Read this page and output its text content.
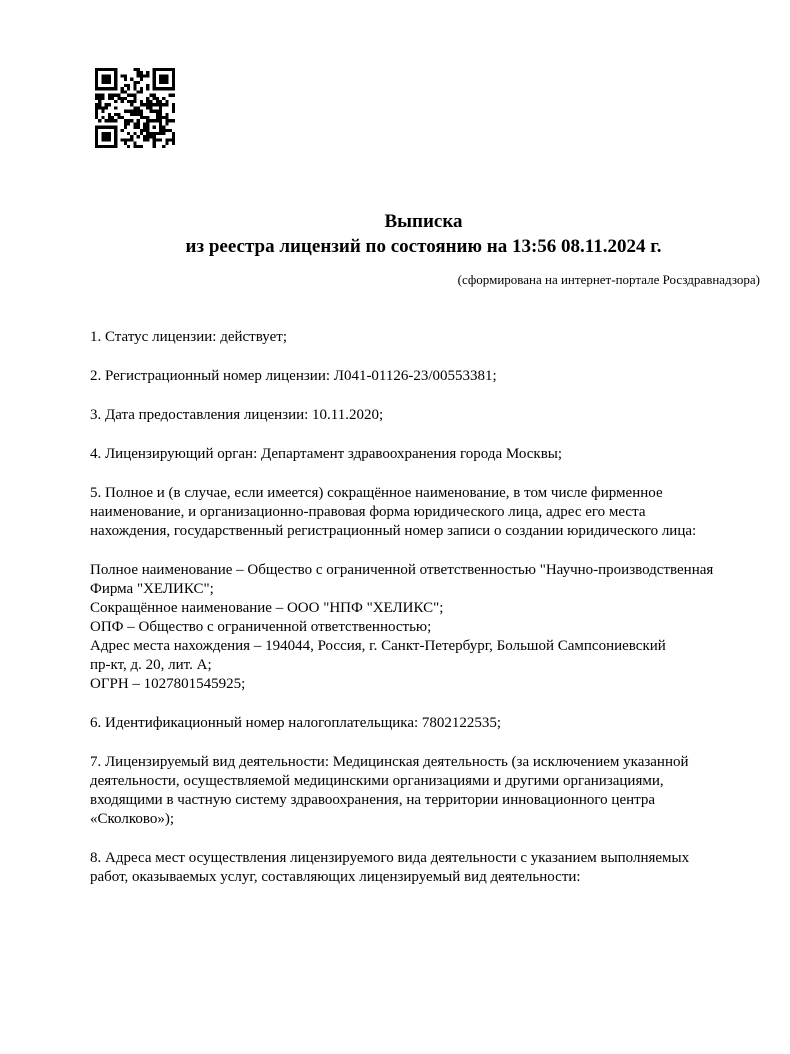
Выписка
из реестра лицензий по состоянию на 13:56 08.11.2024 г.
(сформирована на интернет-портале Росздравнадзора)
1. Статус лицензии: действует;
2. Регистрационный номер лицензии: Л041-01126-23/00553381;
3. Дата предоставления лицензии: 10.11.2020;
4. Лицензирующий орган: Департамент здравоохранения города Москвы;
5. Полное и (в случае, если имеется) сокращённое наименование, в том числе фирменное
наименование, и организационно-правовая форма юридического лица, адрес его места
нахождения, государственный регистрационный номер записи о создании юридического лица:
Полное наименование – Общество с ограниченной ответственностью "Научно-производственная
Фирма "ХЕЛИКС";
Сокращённое наименование – ООО "НПФ "ХЕЛИКС";
ОПФ – Общество с ограниченной ответственностью;
Адрес места нахождения – 194044, Россия, г. Санкт-Петербург, Большой Сампсониевский
пр-кт, д. 20, лит. А;
ОГРН – 1027801545925;
6. Идентификационный номер налогоплательщика: 7802122535;
7. Лицензируемый вид деятельности: Медицинская деятельность (за исключением указанной
деятельности, осуществляемой медицинскими организациями и другими организациями,
входящими в частную систему здравоохранения, на территории инновационного центра
«Сколково»);
8. Адреса мест осуществления лицензируемого вида деятельности с указанием выполняемых
работ, оказываемых услуг, составляющих лицензируемый вид деятельности:
